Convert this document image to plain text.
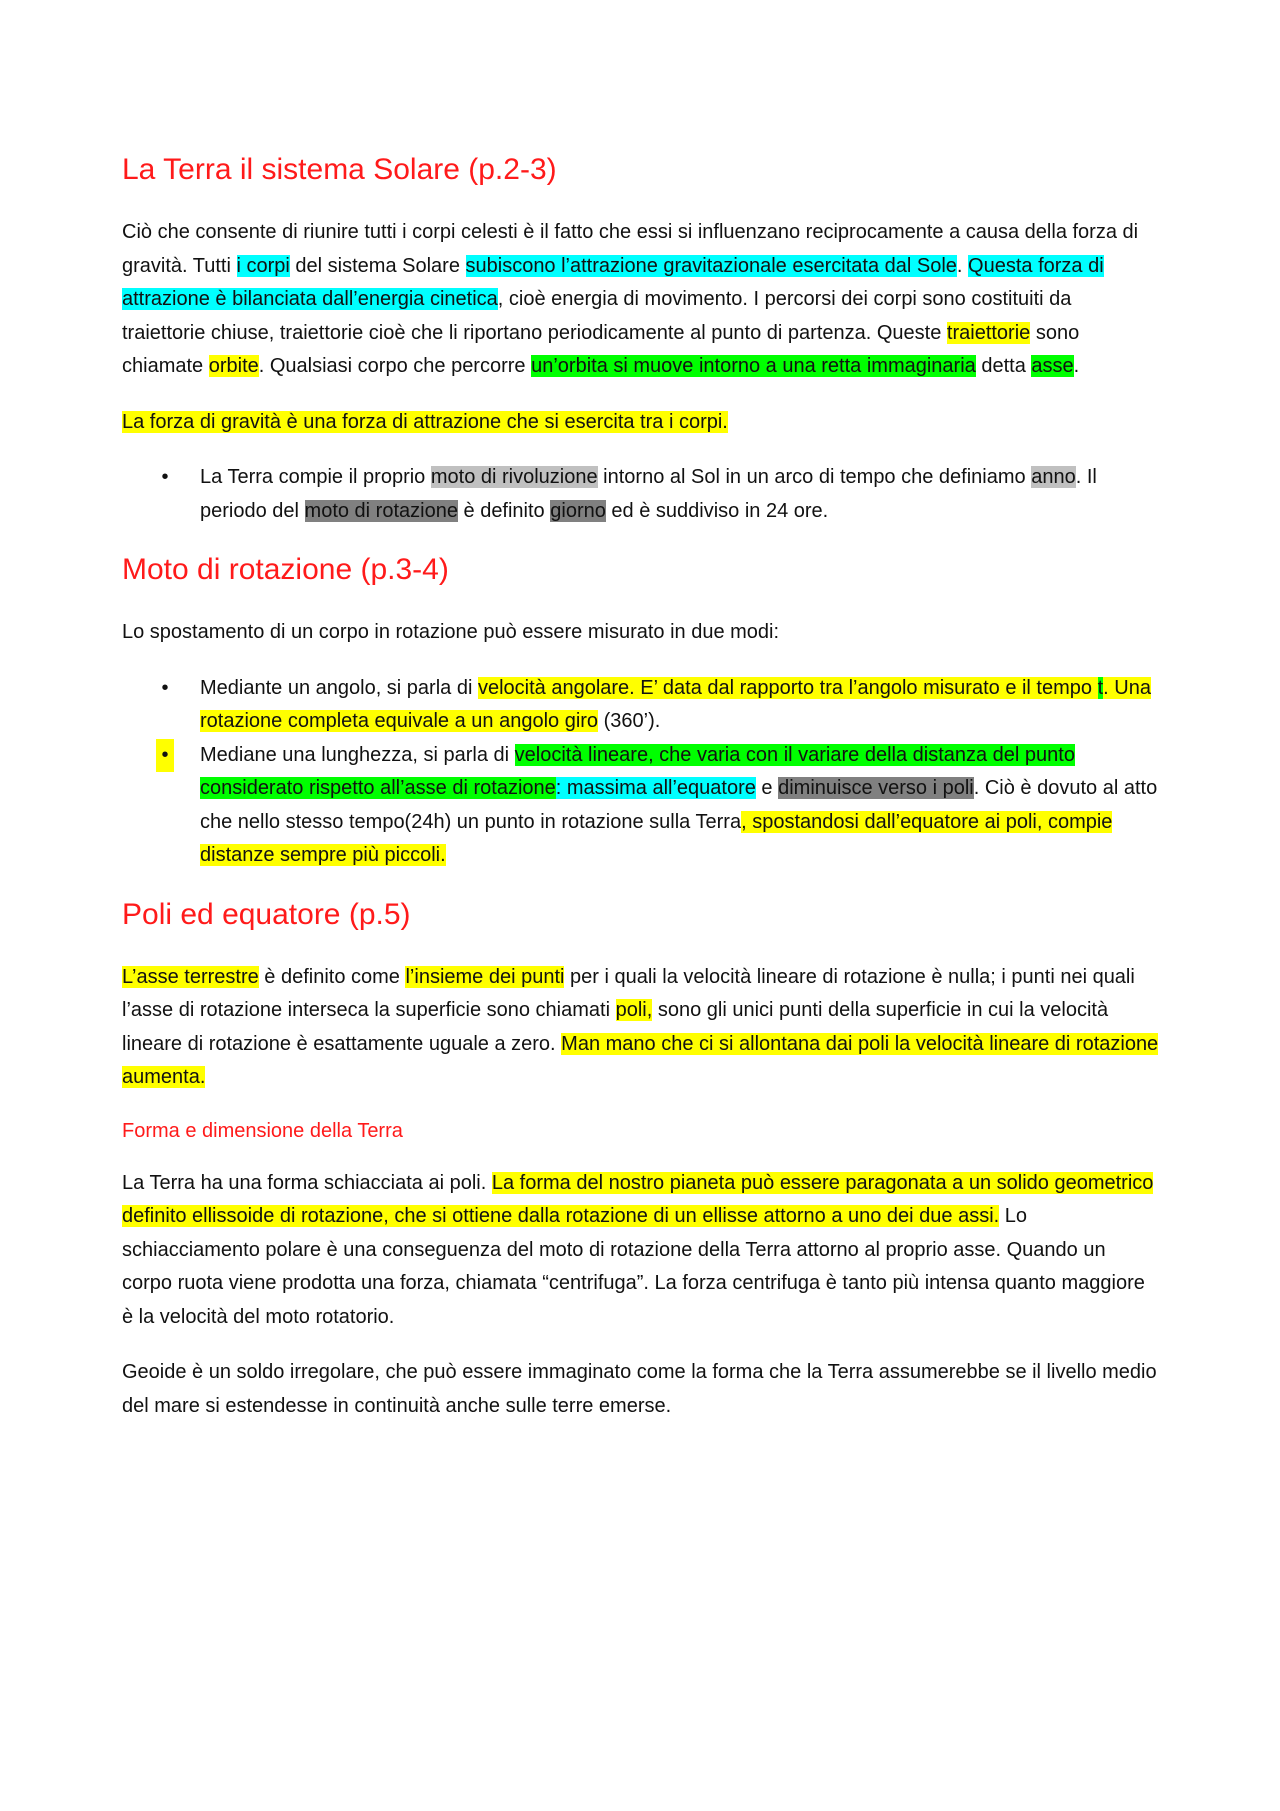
La Terra il sistema Solare (p.2-3)

Ciò che consente di riunire tutti i corpi celesti è il fatto che essi si influenzano reciprocamente a causa della forza di gravità. Tutti i corpi del sistema Solare subiscono l’attrazione gravitazionale esercitata dal Sole. Questa forza di attrazione è bilanciata dall’energia cinetica, cioè energia di movimento. I percorsi dei corpi sono costituiti da traiettorie chiuse, traiettorie cioè che li riportano periodicamente al punto di partenza. Queste traiettorie sono chiamate orbite. Qualsiasi corpo che percorre un’orbita si muove intorno a una retta immaginaria detta asse.

La forza di gravità è una forza di attrazione che si esercita tra i corpi.

• La Terra compie il proprio moto di rivoluzione intorno al Sol in un arco di tempo che definiamo anno. Il periodo del moto di rotazione è definito giorno ed è suddiviso in 24 ore.
Moto di rotazione (p.3-4)

Lo spostamento di un corpo in rotazione può essere misurato in due modi:

• Mediante un angolo, si parla di velocità angolare. E’ data dal rapporto tra l’angolo misurato e il tempo t. Una rotazione completa equivale a un angolo giro (360’).
• Mediane una lunghezza, si parla di velocità lineare, che varia con il variare della distanza del punto considerato rispetto all’asse di rotazione: massima all’equatore e diminuisce verso i poli. Ciò è dovuto al atto che nello stesso tempo(24h) un punto in rotazione sulla Terra, spostandosi dall’equatore ai poli, compie distanze sempre più piccoli.
Poli ed equatore (p.5)

L’asse terrestre è definito come l’insieme dei punti per i quali la velocità lineare di rotazione è nulla; i punti nei quali l’asse di rotazione interseca la superficie sono chiamati poli, sono gli unici punti della superficie in cui la velocità lineare di rotazione è esattamente uguale a zero. Man mano che ci si allontana dai poli la velocità lineare di rotazione aumenta.

Forma e dimensione della Terra

La Terra ha una forma schiacciata ai poli. La forma del nostro pianeta può essere paragonata a un solido geometrico definito ellissoide di rotazione, che si ottiene dalla rotazione di un ellisse attorno a uno dei due assi. Lo schiacciamento polare è una conseguenza del moto di rotazione della Terra attorno al proprio asse. Quando un corpo ruota viene prodotta una forza, chiamata “centrifuga”. La forza centrifuga è tanto più intensa quanto maggiore è la velocità del moto rotatorio.

Geoide è un soldo irregolare, che può essere immaginato come la forma che la Terra assumerebbe se il livello medio del mare si estendesse in continuità anche sulle terre emerse.
